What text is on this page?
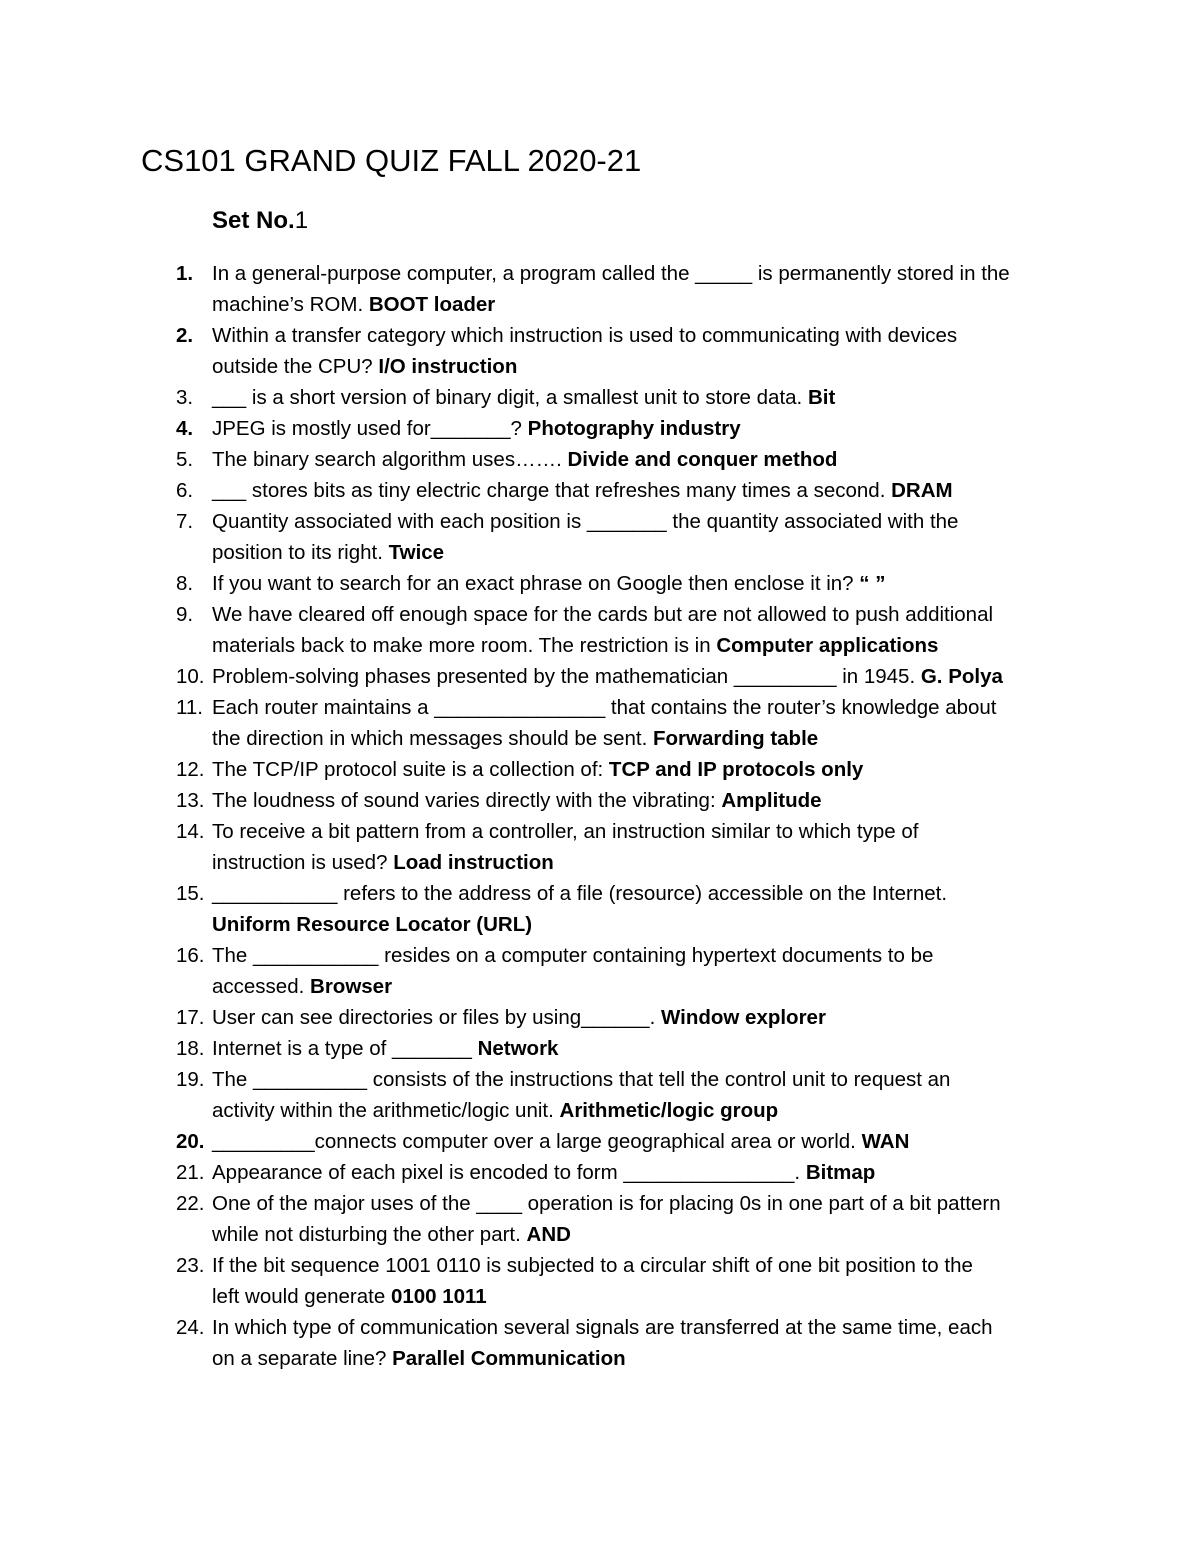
CS101 GRAND QUIZ FALL 2020-21
Set No.1
1. In a general-purpose computer, a program called the _____ is permanently stored in the
machine’s ROM. BOOT loader
2. Within a transfer category which instruction is used to communicating with devices
outside the CPU? I/O instruction
3. ___ is a short version of binary digit, a smallest unit to store data. Bit
4. JPEG is mostly used for_______? Photography industry
5. The binary search algorithm uses……. Divide and conquer method
6. ___ stores bits as tiny electric charge that refreshes many times a second. DRAM
7. Quantity associated with each position is _______ the quantity associated with the
position to its right. Twice
8. If you want to search for an exact phrase on Google then enclose it in? “ ”
9. We have cleared off enough space for the cards but are not allowed to push additional
materials back to make more room. The restriction is in Computer applications
10. Problem-solving phases presented by the mathematician _________ in 1945. G. Polya
11. Each router maintains a _______________ that contains the router’s knowledge about
the direction in which messages should be sent. Forwarding table
12. The TCP/IP protocol suite is a collection of: TCP and IP protocols only
13. The loudness of sound varies directly with the vibrating: Amplitude
14. To receive a bit pattern from a controller, an instruction similar to which type of
instruction is used? Load instruction
15. ___________ refers to the address of a file (resource) accessible on the Internet.
Uniform Resource Locator (URL)
16. The ___________ resides on a computer containing hypertext documents to be
accessed. Browser
17. User can see directories or files by using______. Window explorer
18. Internet is a type of _______ Network
19. The __________ consists of the instructions that tell the control unit to request an
activity within the arithmetic/logic unit. Arithmetic/logic group
20. _________connects computer over a large geographical area or world. WAN
21. Appearance of each pixel is encoded to form _______________. Bitmap
22. One of the major uses of the ____ operation is for placing 0s in one part of a bit pattern
while not disturbing the other part. AND
23. If the bit sequence 1001 0110 is subjected to a circular shift of one bit position to the
left would generate 0100 1011
24. In which type of communication several signals are transferred at the same time, each
on a separate line? Parallel Communication
